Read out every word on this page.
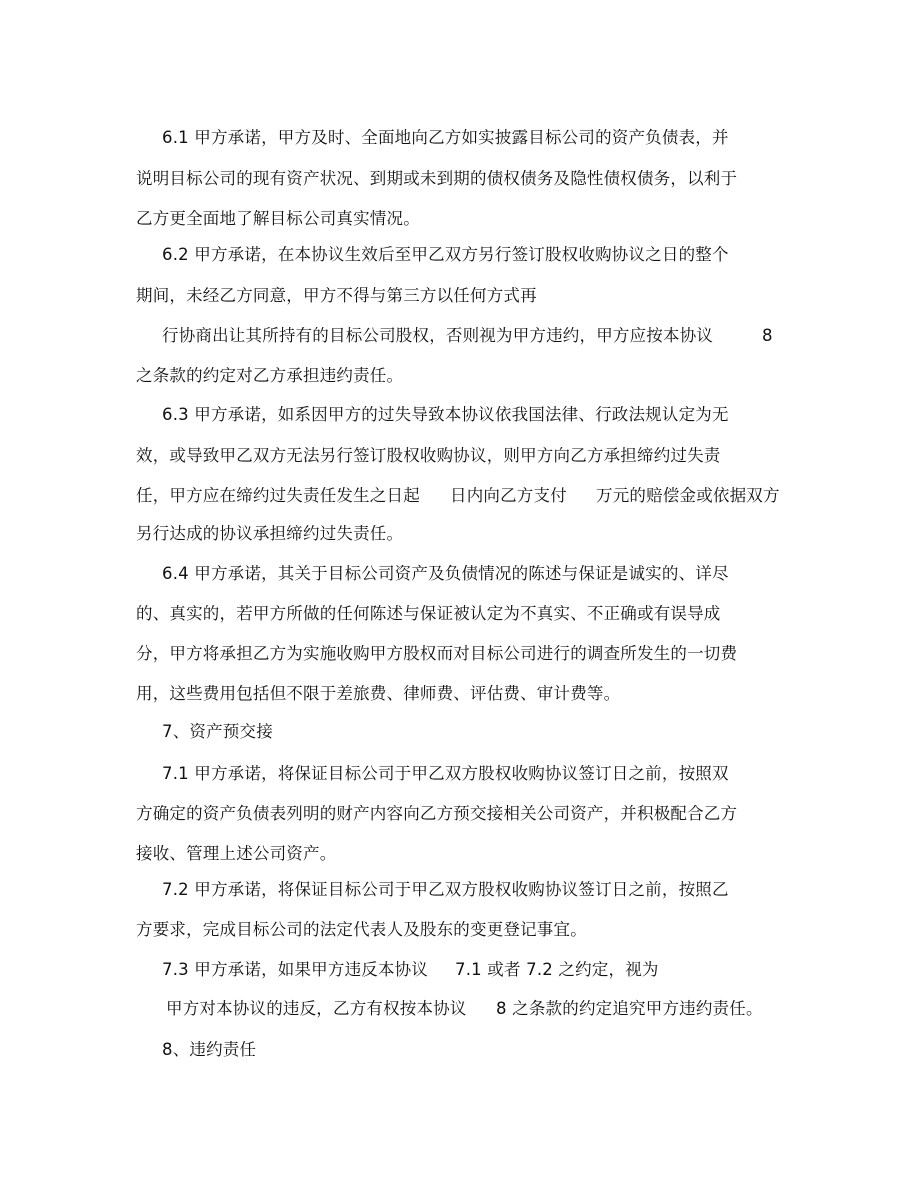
6.1 甲方承诺，甲方及时、全面地向乙方如实披露目标公司的资产负债表，并
说明目标公司的现有资产状况、到期或未到期的债权债务及隐性债权债务，以利于
乙方更全面地了解目标公司真实情况。
6.2 甲方承诺，在本协议生效后至甲乙双方另行签订股权收购协议之日的整个
期间，未经乙方同意，甲方不得与第三方以任何方式再
行协商出让其所持有的目标公司股权，否则视为甲方违约，甲方应按本协议	8
之条款的约定对乙方承担违约责任。
6.3 甲方承诺，如系因甲方的过失导致本协议依我国法律、行政法规认定为无
效，或导致甲乙双方无法另行签订股权收购协议，则甲方向乙方承担缔约过失责
任，甲方应在缔约过失责任发生之日起 日内向乙方支付 万元的赔偿金或依据双方
另行达成的协议承担缔约过失责任。
6.4 甲方承诺，其关于目标公司资产及负债情况的陈述与保证是诚实的、详尽
的、真实的，若甲方所做的任何陈述与保证被认定为不真实、不正确或有误导成
分，甲方将承担乙方为实施收购甲方股权而对目标公司进行的调查所发生的一切费
用，这些费用包括但不限于差旅费、律师费、评估费、审计费等。
7、资产预交接
7.1 甲方承诺，将保证目标公司于甲乙双方股权收购协议签订日之前，按照双
方确定的资产负债表列明的财产内容向乙方预交接相关公司资产，并积极配合乙方
接收、管理上述公司资产。
7.2 甲方承诺，将保证目标公司于甲乙双方股权收购协议签订日之前，按照乙
方要求，完成目标公司的法定代表人及股东的变更登记事宜。
7.3 甲方承诺，如果甲方违反本协议 7.1 或者 7.2 之约定，视为
甲方对本协议的违反，乙方有权按本协议 8 之条款的约定追究甲方违约责任。
8、违约责任
